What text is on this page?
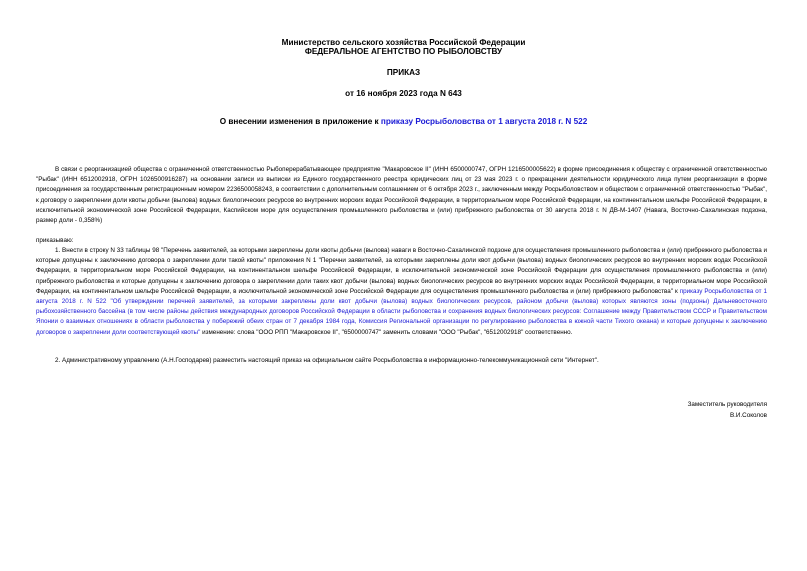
Министерство сельского хозяйства Российской Федерации
ФЕДЕРАЛЬНОЕ АГЕНТСТВО ПО РЫБОЛОВСТВУ
ПРИКАЗ
от 16 ноября 2023 года N 643
О внесении изменения в приложение к приказу Росрыболовства от 1 августа 2018 г. N 522
В связи с реорганизацией общества с ограниченной ответственностью Рыбоперерабатывающее предприятие "Макаровское II" (ИНН 6500000747, ОГРН 1216500005622) в форме присоединения к обществу с ограниченной ответственностью "Рыбак" (ИНН 6512002918, ОГРН 1026500916287) на основании записи из выписки из Единого государственного реестра юридических лиц от 23 мая 2023 г. о прекращении деятельности юридического лица путем реорганизации в форме присоединения за государственным регистрационным номером 2236500058243, в соответствии с дополнительным соглашением от 6 октября 2023 г., заключенным между Росрыболовством и обществом с ограниченной ответственностью "Рыбак", к договору о закреплении доли квоты добычи (вылова) водных биологических ресурсов во внутренних морских водах Российской Федерации, в территориальном море Российской Федерации, на континентальном шельфе Российской Федерации, в исключительной экономической зоне Российской Федерации, Каспийском море для осуществления промышленного рыболовства и (или) прибрежного рыболовства от 30 августа 2018 г. N ДВ-М-1407 (Навага, Восточно-Сахалинская подзона, размер доли - 0,358%)
приказываю:
1. Внести в строку N 33 таблицы 98 "Перечень заявителей, за которыми закреплены доли квоты добычи (вылова) наваги в Восточно-Сахалинской подзоне для осуществления промышленного рыболовства и (или) прибрежного рыболовства и которые допущены к заключению договора о закреплении доли такой квоты" приложения N 1 "Перечни заявителей, за которыми закреплены доли квот добычи (вылова) водных биологических ресурсов во внутренних морских водах Российской Федерации, в территориальном море Российской Федерации, на континентальном шельфе Российской Федерации, в исключительной экономической зоне Российской Федерации для осуществления промышленного рыболовства и (или) прибрежного рыболовства и которые допущены к заключению договора о закреплении доли таких квот добычи (вылова) водных биологических ресурсов во внутренних морских водах Российской Федерации, в территориальном море Российской Федерации, на континентальном шельфе Российской Федерации, в исключительной экономической зоне Российской Федерации для осуществления промышленного рыболовства и (или) прибрежного рыболовства" к приказу Росрыболовства от 1 августа 2018 г. N 522 "Об утверждении перечней заявителей, за которыми закреплены доли квот добычи (вылова) водных биологических ресурсов, районом добычи (вылова) которых являются зоны (подзоны) Дальневосточного рыбохозяйственного бассейна (в том числе районы действия международных договоров Российской Федерации в области рыболовства и сохранения водных биологических ресурсов: Соглашение между Правительством СССР и Правительством Японии о взаимных отношениях в области рыболовства у побережий обеих стран от 7 декабря 1984 года, Комиссия Региональной организации по регулированию рыболовства в южной части Тихого океана) и которые допущены к заключению договоров о закреплении доли соответствующей квоты" изменение: слова "ООО РПП "Макаровское II", "6500000747" заменить словами "ООО "Рыбак", "6512002918" соответственно.
2. Административному управлению (А.Н.Господарев) разместить настоящий приказ на официальном сайте Росрыболовства в информационно-телекоммуникационной сети "Интернет".
Заместитель руководителя
В.И.Соколов
